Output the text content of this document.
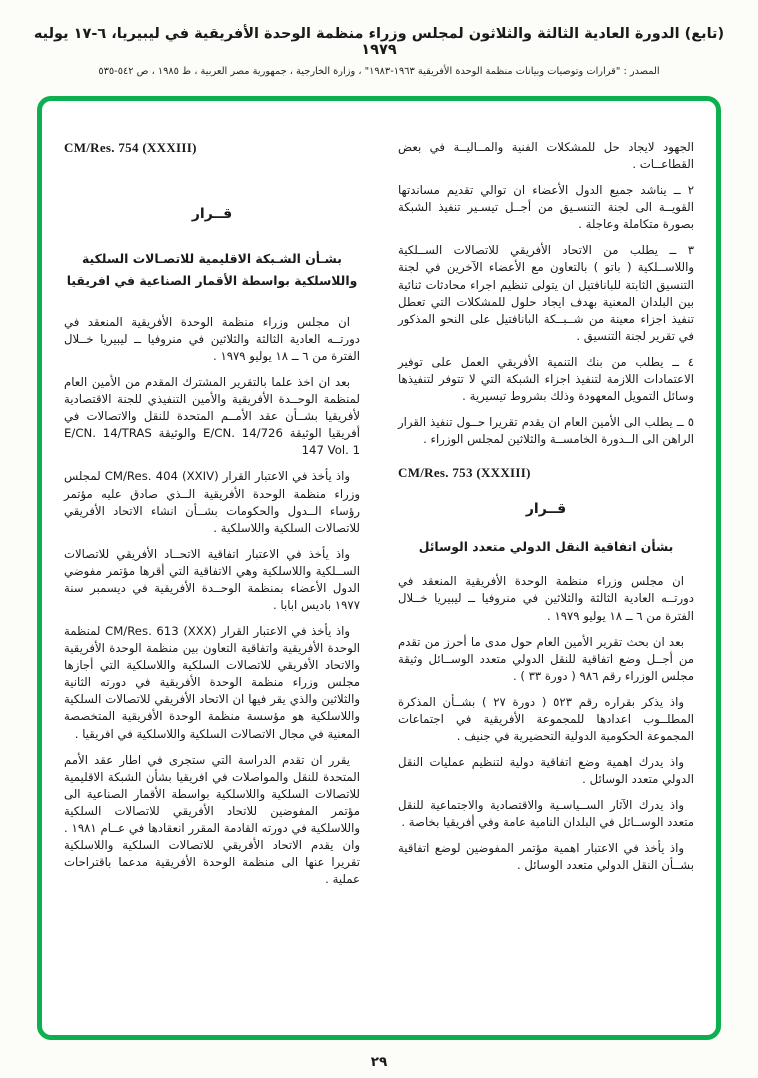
(تابع) الدورة العادية الثالثة والثلاثون لمجلس وزراء منظمة الوحدة الأفريقية في ليبيريا، ٦-١٧ يوليه ١٩٧٩
المصدر : "قرارات وتوصيات وبيانات منظمة الوحدة الأفريقية ١٩٦٣-١٩٨٣" ، وزارة الخارجية ، جمهورية مصر العربية ، ط ١٩٨٥ ، ص ٥٤٢-٥٣٥

الجهود لايجاد حل للمشكلات الفنية والمــاليــة في بعض القطاعــات .

٢ ــ يناشد جميع الدول الأعضاء ان توالي تقديم مساندتها القويــة الى لجنة التنسـيق من أجــل تيسـير تنفيذ الشبكة بصورة متكاملة وعاجلة .

٣ ــ يطلب من الاتحاد الأفريقي للاتصالات الســلكية واللاســلكية ( باتو ) بالتعاون مع الأعضاء الآخرين في لجنة التنسيق الثابتة للبانافتيل ان يتولى تنظيم اجراء محادثات ثنائية بين البلدان المعنية بهدف ايجاد حلول للمشكلات التي تعطل تنفيذ اجزاء معينة من شــبــكة البانافتيل على النحو المذكور في تقرير لجنة التنسيق .

٤ ــ يطلب من بنك التنمية الأفريقي العمل على توفير الاعتمادات اللازمة لتنفيذ اجزاء الشبكة التي لا تتوفر لتنفيذها وسائل التمويل المعهودة وذلك بشروط تيسيرية .

٥ ــ يطلب الى الأمين العام ان يقدم تقريرا حــول تنفيذ القرار الراهن الى الــدورة الخامســة والثلاثين لمجلس الوزراء .

CM/Res. 753 (XXXIII)
قــرار
بشأن اتفاقية النقل الدولي متعدد الوسائل

ان مجلس وزراء منظمة الوحدة الأفريقية المنعقد في دورتــه العادية الثالثة والثلاثين في منروفيا ــ ليبيريا خــلال الفترة من ٦ ــ ١٨ يوليو ١٩٧٩ .

بعد ان بحث تقرير الأمين العام حول مدى ما أحرز من تقدم من أجــل وضع اتفاقية للنقل الدولي متعدد الوســائل وثيقة مجلس الوزراء رقم ٩٨٦ ( دورة ٣٣ ) .

واذ يذكر بقراره رقم ٥٢٣ ( دورة ٢٧ ) بشــأن المذكرة المطلــوب اعدادها للمجموعة الأفريقية في اجتماعات المجموعة الحكومية الدولية التحضيرية في جنيف .

واذ يدرك اهمية وضع اتفاقية دولية لتنظيم عمليات النقل الدولي متعدد الوسائل .

واذ يدرك الآثار الســياسـية والاقتصادية والاجتماعية للنقل متعدد الوســائل في البلدان النامية عامة وفي أفريقيا بخاصة .

واذ يأخذ في الاعتبار اهمية مؤتمر المفوضين لوضع اتفاقية بشــأن النقل الدولي متعدد الوسائل .

CM/Res. 754 (XXXIII)
قــرار
بشـأن الشـبكة الاقليمية للاتصـالات السلكية واللاسلكية بواسطة الأقمار الصناعية في افريقيا

ان مجلس وزراء منظمة الوحدة الأفريقية المنعقد في دورتــه العادية الثالثة والثلاثين في منروفيا ــ ليبيريا خــلال الفترة من ٦ ــ ١٨ يوليو ١٩٧٩ .

بعد ان اخذ علما بالتقرير المشترك المقدم من الأمين العام لمنظمة الوحــدة الأفريقية والأمين التنفيذي للجنة الاقتصادية لأفريقيا بشــأن عقد الأمــم المتحدة للنقل والاتصالات في أفريقيا الوثيقة E/CN. 14/726 والوثيقة E/CN. 14/TRAS 147 Vol. 1

واذ يأخذ في الاعتبار القرار CM/Res. 404 (XXIV) لمجلس وزراء منظمة الوحدة الأفريقية الــذي صادق عليه مؤتمر رؤساء الــدول والحكومات بشــأن انشاء الاتحاد الأفريقي للاتصالات السلكية واللاسلكية .

واذ يأخذ في الاعتبار اتفاقية الاتحــاد الأفريقي للاتصالات الســلكية واللاسلكية وهي الاتفاقية التي أقرها مؤتمر مفوضي الدول الأعضاء بمنظمة الوحــدة الأفريقية في ديسمبر سنة ١٩٧٧ باديس ابابا .

واذ يأخذ في الاعتبار القرار CM/Res. 613 (XXX) لمنظمة الوحدة الأفريقية واتفاقية التعاون بين منظمة الوحدة الأفريقية والاتحاد الأفريقي للاتصالات السلكية واللاسلكية التي أجازها مجلس وزراء منظمة الوحدة الأفريقية في دورته الثانية والثلاثين والذي يقر فيها ان الاتحاد الأفريقي للاتصالات السلكية واللاسلكية هو مؤسسة منظمة الوحدة الأفريقية المتخصصة المعنية في مجال الاتصالات السلكية واللاسلكية في افريقيا .

يقرر ان تقدم الدراسة التي ستجرى في اطار عقد الأمم المتحدة للنقل والمواصلات في افريقيا بشأن الشبكة الاقليمية للاتصالات السلكية واللاسلكية بواسطة الأقمار الصناعية الى مؤتمر المفوضين للاتحاد الأفريقي للاتصالات السلكية واللاسلكية في دورته القادمة المقرر انعقادها في عــام ١٩٨١ . وان يقدم الاتحاد الأفريقي للاتصالات السلكية واللاسلكية تقريرا عنها الى منظمة الوحدة الأفريقية مدعما باقتراحات عملية .

٢٩
